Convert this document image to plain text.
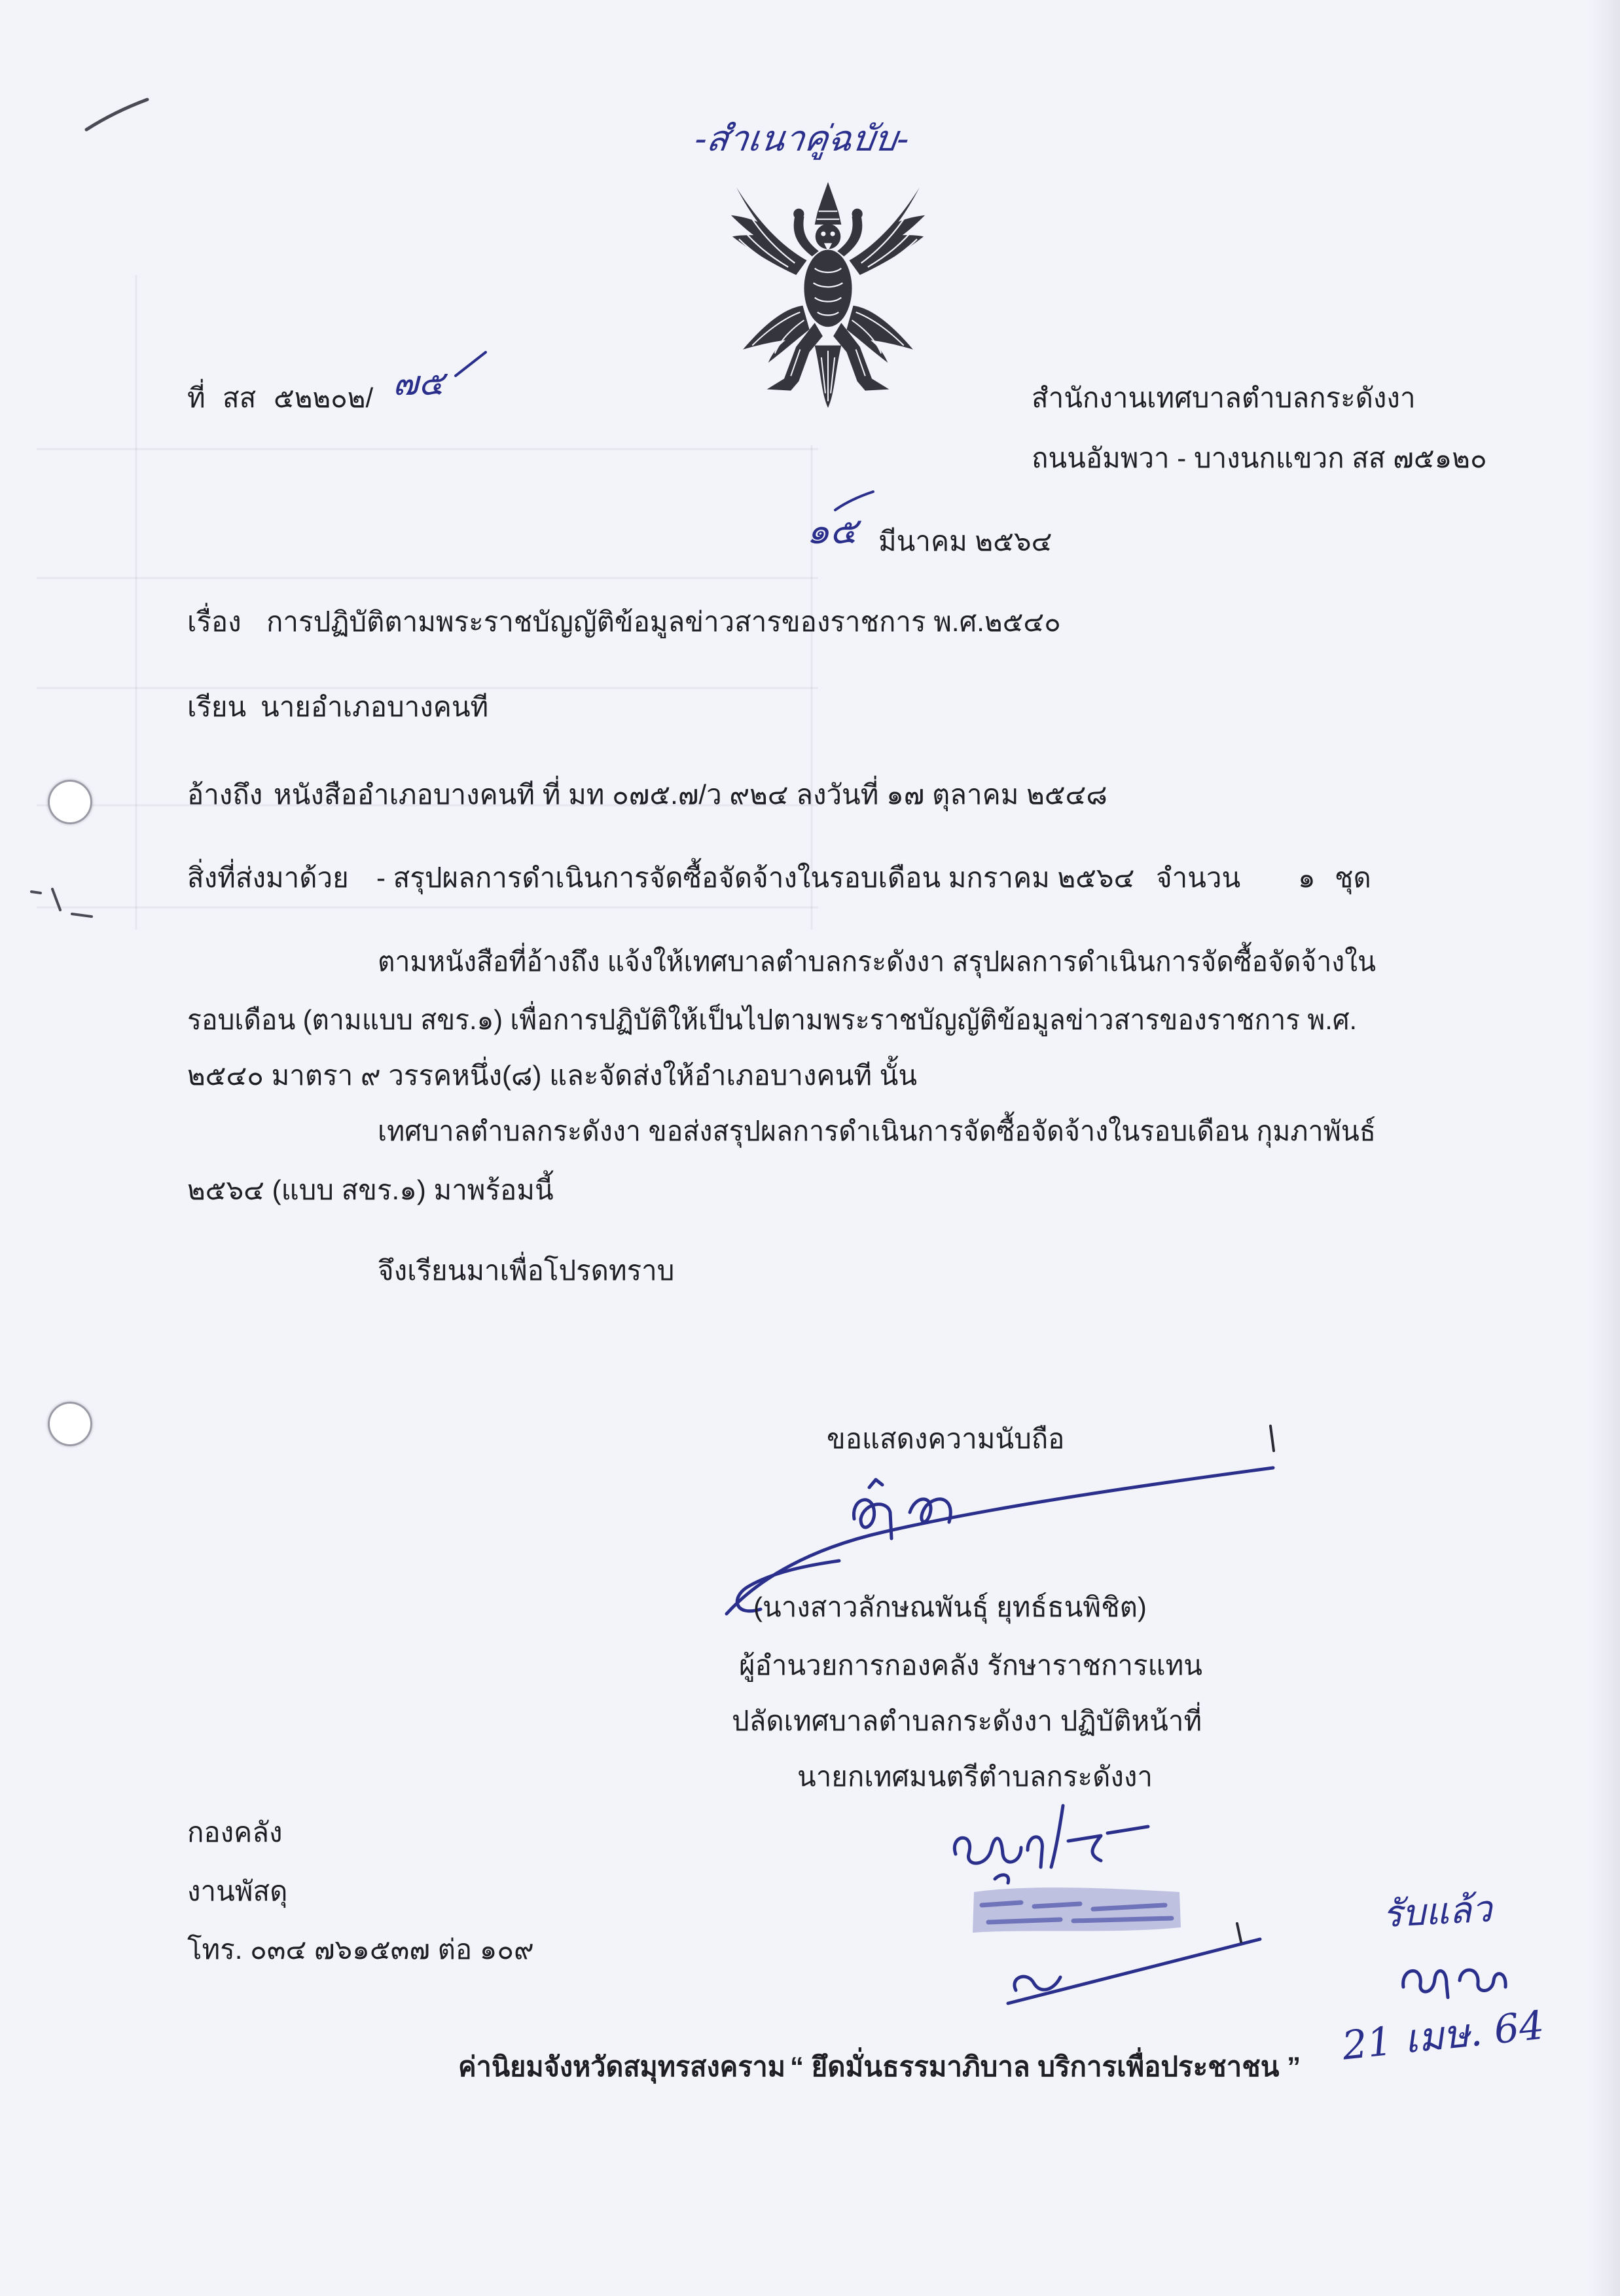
-สำเนาคู่ฉบับ-
ที่ สส ๕๒๒๐๒/ ๗๕	สำนักงานเทศบาลตำบลกระดังงา
ถนนอัมพวา - บางนกแขวก สส ๗๕๑๒๐
๑๕ มีนาคม ๒๕๖๔
เรื่อง การปฏิบัติตามพระราชบัญญัติข้อมูลข่าวสารของราชการ พ.ศ.๒๕๔๐
เรียน นายอำเภอบางคนที
อ้างถึง หนังสืออำเภอบางคนที ที่ มท ๐๗๕.๗/ว ๙๒๔ ลงวันที่ ๑๗ ตุลาคม ๒๕๔๘
สิ่งที่ส่งมาด้วย	- สรุปผลการดำเนินการจัดซื้อจัดจ้างในรอบเดือน มกราคม ๒๕๖๔ จำนวน	๑ ชุด
ตามหนังสือที่อ้างถึง แจ้งให้เทศบาลตำบลกระดังงา สรุปผลการดำเนินการจัดซื้อจัดจ้างใน
รอบเดือน (ตามแบบ สขร.๑) เพื่อการปฏิบัติให้เป็นไปตามพระราชบัญญัติข้อมูลข่าวสารของราชการ พ.ศ.
๒๕๔๐ มาตรา ๙ วรรคหนึ่ง(๘) และจัดส่งให้อำเภอบางคนที นั้น
เทศบาลตำบลกระดังงา ขอส่งสรุปผลการดำเนินการจัดซื้อจัดจ้างในรอบเดือน กุมภาพันธ์
๒๕๖๔ (แบบ สขร.๑) มาพร้อมนี้
จึงเรียนมาเพื่อโปรดทราบ
ขอแสดงความนับถือ
(นางสาวลักษณพันธุ์ ยุทธ์ธนพิชิต)
ผู้อำนวยการกองคลัง รักษาราชการแทน
ปลัดเทศบาลตำบลกระดังงา ปฏิบัติหน้าที่
นายกเทศมนตรีตำบลกระดังงา
กองคลัง
งานพัสดุ
โทร. ๐๓๔ ๗๖๑๕๓๗ ต่อ ๑๐๙
รับแล้ว
21 เมษ. 64
ค่านิยมจังหวัดสมุทรสงคราม “ ยึดมั่นธรรมาภิบาล บริการเพื่อประชาชน ”
